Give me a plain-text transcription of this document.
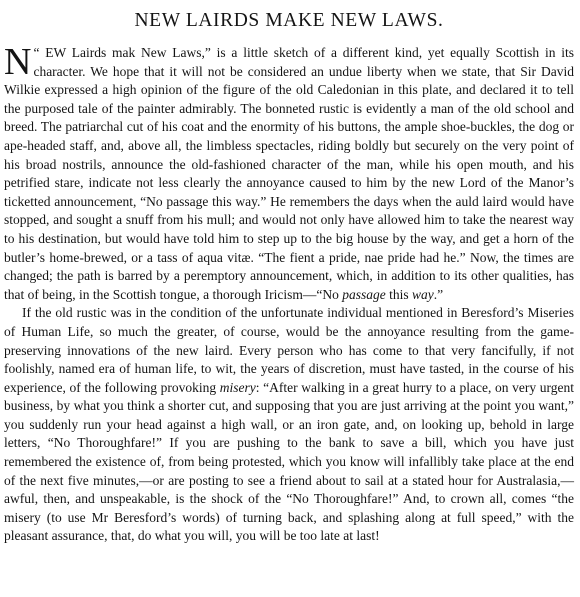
NEW LAIRDS MAKE NEW LAWS.

“
N EW Lairds mak New Laws,” is a little sketch of a different kind, yet equally Scottish in its character. We hope that it will not be considered an undue liberty when we state, that Sir David Wilkie expressed a high opinion of the figure of the old Caledonian in this plate, and declared it to tell the purposed tale of the painter admirably. The bonneted rustic is evidently a man of the old school and breed. The patriarchal cut of his coat and the enormity of his buttons, the ample shoe-buckles, the dog or ape-headed staff, and, above all, the limbless spectacles, riding boldly but securely on the very point of his broad nostrils, announce the old-fashioned character of the man, while his open mouth, and his petrified stare, indicate not less clearly the annoyance caused to him by the new Lord of the Manor’s ticketted announcement, “No passage this way.” He remembers the days when the auld laird would have stopped, and sought a snuff from his mull; and would not only have allowed him to take the nearest way to his destination, but would have told him to step up to the big house by the way, and get a horn of the butler’s home-brewed, or a tass of aqua vitæ. “The fient a pride, nae pride had he.” Now, the times are changed; the path is barred by a peremptory announcement, which, in addition to its other qualities, has that of being, in the Scottish tongue, a thorough Iricism—“No passage this way.”

If the old rustic was in the condition of the unfortunate individual mentioned in Beresford’s Miseries of Human Life, so much the greater, of course, would be the annoyance resulting from the game-preserving innovations of the new laird. Every person who has come to that very fancifully, if not foolishly, named era of human life, to wit, the years of discretion, must have tasted, in the course of his experience, of the following provoking misery: “After walking in a great hurry to a place, on very urgent business, by what you think a shorter cut, and supposing that you are just arriving at the point you want,” you suddenly run your head against a high wall, or an iron gate, and, on looking up, behold in large letters, “No Thoroughfare!” If you are pushing to the bank to save a bill, which you have just remembered the existence of, from being protested, which you know will infallibly take place at the end of the next five minutes,—or are posting to see a friend about to sail at a stated hour for Australasia,—awful, then, and unspeakable, is the shock of the “No Thoroughfare!” And, to crown all, comes “the misery (to use Mr Beresford’s words) of turning back, and splashing along at full speed,” with the pleasant assurance, that, do what you will, you will be too late at last!
